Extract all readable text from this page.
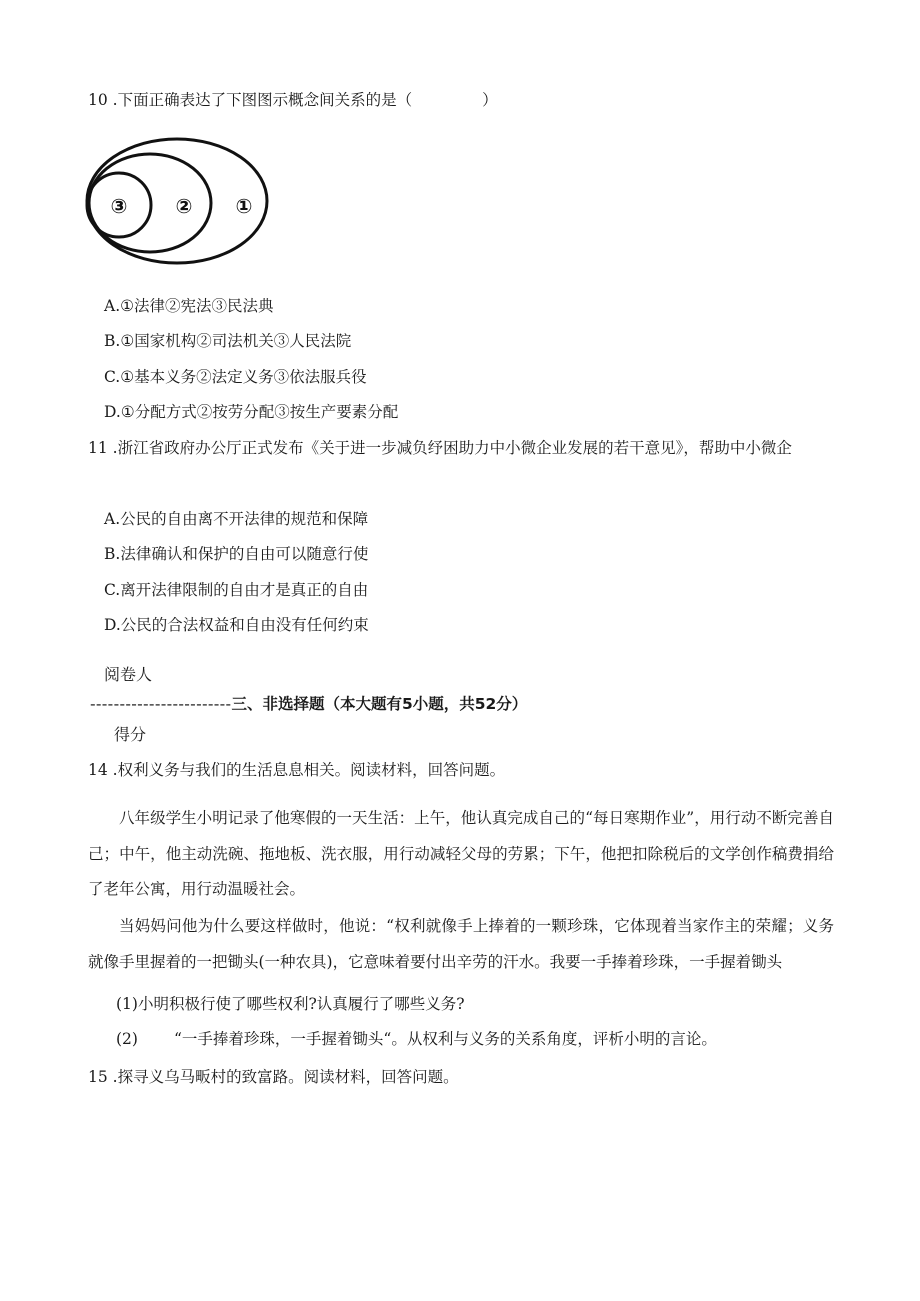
10 .下面正确表达了下图图示概念间关系的是（	）
③ ② ①
A.①法律②宪法③民法典
B.①国家机构②司法机关③人民法院
C.①基本义务②法定义务③依法服兵役
D.①分配方式②按劳分配③按生产要素分配
11 .浙江省政府办公厅正式发布《关于进一步减负纾困助力中小微企业发展的若干意见》，帮助中小微企
A.公民的自由离不开法律的规范和保障
B.法律确认和保护的自由可以随意行使
C.离开法律限制的自由才是真正的自由
D.公民的合法权益和自由没有任何约束
阅卷人
------------------------三、非选择题（本大题有5小题，共52分）
得分
14 .权利义务与我们的生活息息相关。阅读材料，回答问题。
八年级学生小明记录了他寒假的一天生活：上午，他认真完成自己的“每日寒期作业”，用行动不断完善自己；中午，他主动洗碗、拖地板、洗衣服，用行动减轻父母的劳累；下午，他把扣除税后的文学创作稿费捐给了老年公寓，用行动温暖社会。
当妈妈问他为什么要这样做时，他说：“权利就像手上捧着的一颗珍珠，它体现着当家作主的荣耀；义务就像手里握着的一把锄头(一种农具)，它意味着要付出辛劳的汗水。我要一手捧着珍珠，一手握着锄头
(1)小明积极行使了哪些权利?认真履行了哪些义务?
(2) “一手捧着珍珠，一手握着锄头“。从权利与义务的关系角度，评析小明的言论。
15 .探寻义乌马畈村的致富路。阅读材料，回答问题。
